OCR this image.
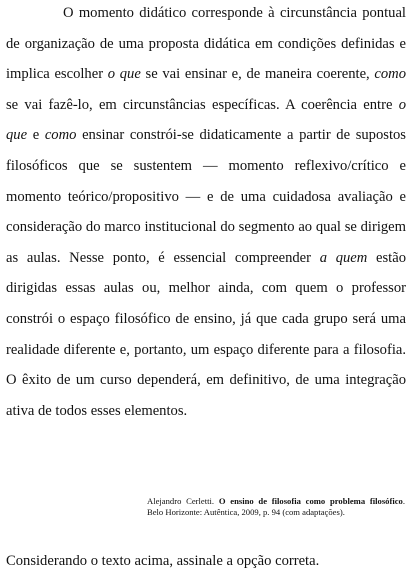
O momento didático corresponde à circunstância pontual
de organização de uma proposta didática em condições definidas e
implica escolher o que se vai ensinar e, de maneira coerente, como
se vai fazê-lo, em circunstâncias específicas. A coerência entre o
que e como ensinar constrói-se didaticamente a partir de supostos
filosóficos que se sustentem — momento reflexivo/crítico e
momento teórico/propositivo — e de uma cuidadosa avaliação e
consideração do marco institucional do segmento ao qual se dirigem
as aulas. Nesse ponto, é essencial compreender a quem estão
dirigidas essas aulas ou, melhor ainda, com quem o professor
constrói o espaço filosófico de ensino, já que cada grupo será uma
realidade diferente e, portanto, um espaço diferente para a filosofia.
O êxito de um curso dependerá, em definitivo, de uma integração
ativa de todos esses elementos.
Alejandro Cerletti. O ensino de filosofia como problema filosófico.
Belo Horizonte: Autêntica, 2009, p. 94 (com adaptações).
Considerando o texto acima, assinale a opção correta.
